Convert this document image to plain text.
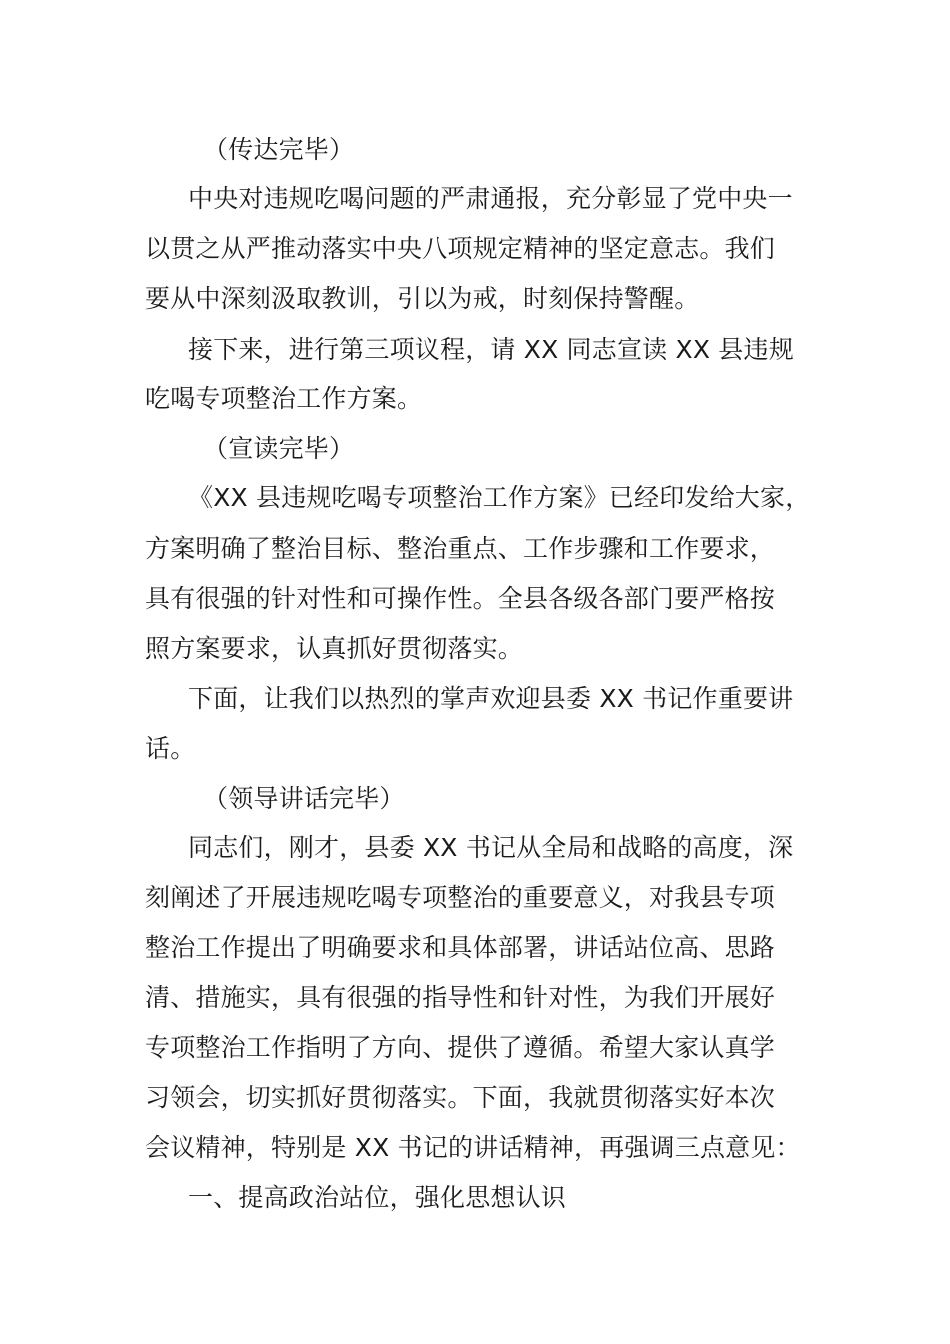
（传达完毕）
中央对违规吃喝问题的严肃通报，充分彰显了党中央一
以贯之从严推动落实中央八项规定精神的坚定意志。我们
要从中深刻汲取教训，引以为戒，时刻保持警醒。
接下来，进行第三项议程，请 XX 同志宣读 XX 县违规
吃喝专项整治工作方案。
（宣读完毕）
《XX 县违规吃喝专项整治工作方案》已经印发给大家，
方案明确了整治目标、整治重点、工作步骤和工作要求，
具有很强的针对性和可操作性。全县各级各部门要严格按
照方案要求，认真抓好贯彻落实。
下面，让我们以热烈的掌声欢迎县委 XX 书记作重要讲
话。
（领导讲话完毕）
同志们，刚才，县委 XX 书记从全局和战略的高度，深
刻阐述了开展违规吃喝专项整治的重要意义，对我县专项
整治工作提出了明确要求和具体部署，讲话站位高、思路
清、措施实，具有很强的指导性和针对性，为我们开展好
专项整治工作指明了方向、提供了遵循。希望大家认真学
习领会，切实抓好贯彻落实。下面，我就贯彻落实好本次
会议精神，特别是 XX 书记的讲话精神，再强调三点意见：
一、提高政治站位，强化思想认识
